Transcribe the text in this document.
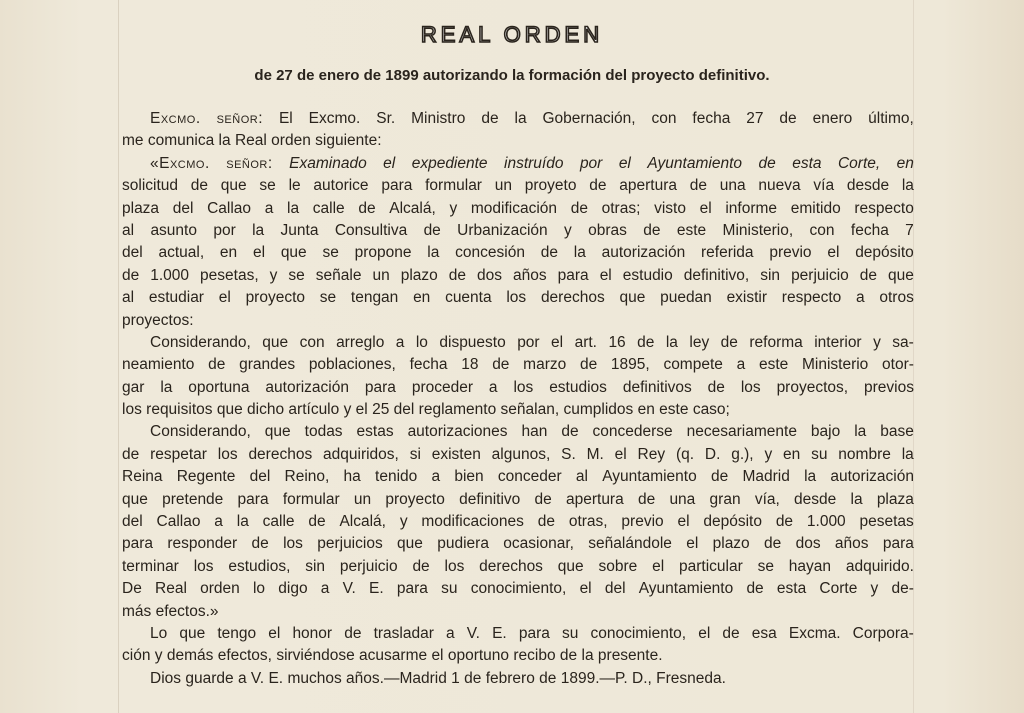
REAL ORDEN
de 27 de enero de 1899 autorizando la formación del proyecto definitivo.
Excmo. señor: El Excmo. Sr. Ministro de la Gobernación, con fecha 27 de enero último,
me comunica la Real orden siguiente:
«Excmo. señor: Examinado el expediente instruído por el Ayuntamiento de esta Corte, en
solicitud de que se le autorice para formular un proyeto de apertura de una nueva vía desde la
plaza del Callao a la calle de Alcalá, y modificación de otras; visto el informe emitido respecto
al asunto por la Junta Consultiva de Urbanización y obras de este Ministerio, con fecha 7
del actual, en el que se propone la concesión de la autorización referida previo el depósito
de 1.000 pesetas, y se señale un plazo de dos años para el estudio definitivo, sin perjuicio de que
al estudiar el proyecto se tengan en cuenta los derechos que puedan existir respecto a otros
proyectos:
Considerando, que con arreglo a lo dispuesto por el art. 16 de la ley de reforma interior y sa-
neamiento de grandes poblaciones, fecha 18 de marzo de 1895, compete a este Ministerio otor-
gar la oportuna autorización para proceder a los estudios definitivos de los proyectos, previos
los requisitos que dicho artículo y el 25 del reglamento señalan, cumplidos en este caso;
Considerando, que todas estas autorizaciones han de concederse necesariamente bajo la base
de respetar los derechos adquiridos, si existen algunos, S. M. el Rey (q. D. g.), y en su nombre la
Reina Regente del Reino, ha tenido a bien conceder al Ayuntamiento de Madrid la autorización
que pretende para formular un proyecto definitivo de apertura de una gran vía, desde la plaza
del Callao a la calle de Alcalá, y modificaciones de otras, previo el depósito de 1.000 pesetas
para responder de los perjuicios que pudiera ocasionar, señalándole el plazo de dos años para
terminar los estudios, sin perjuicio de los derechos que sobre el particular se hayan adquirido.
De Real orden lo digo a V. E. para su conocimiento, el del Ayuntamiento de esta Corte y de-
más efectos.»
Lo que tengo el honor de trasladar a V. E. para su conocimiento, el de esa Excma. Corpora-
ción y demás efectos, sirviéndose acusarme el oportuno recibo de la presente.
Dios guarde a V. E. muchos años.—Madrid 1 de febrero de 1899.—P. D., Fresneda.
